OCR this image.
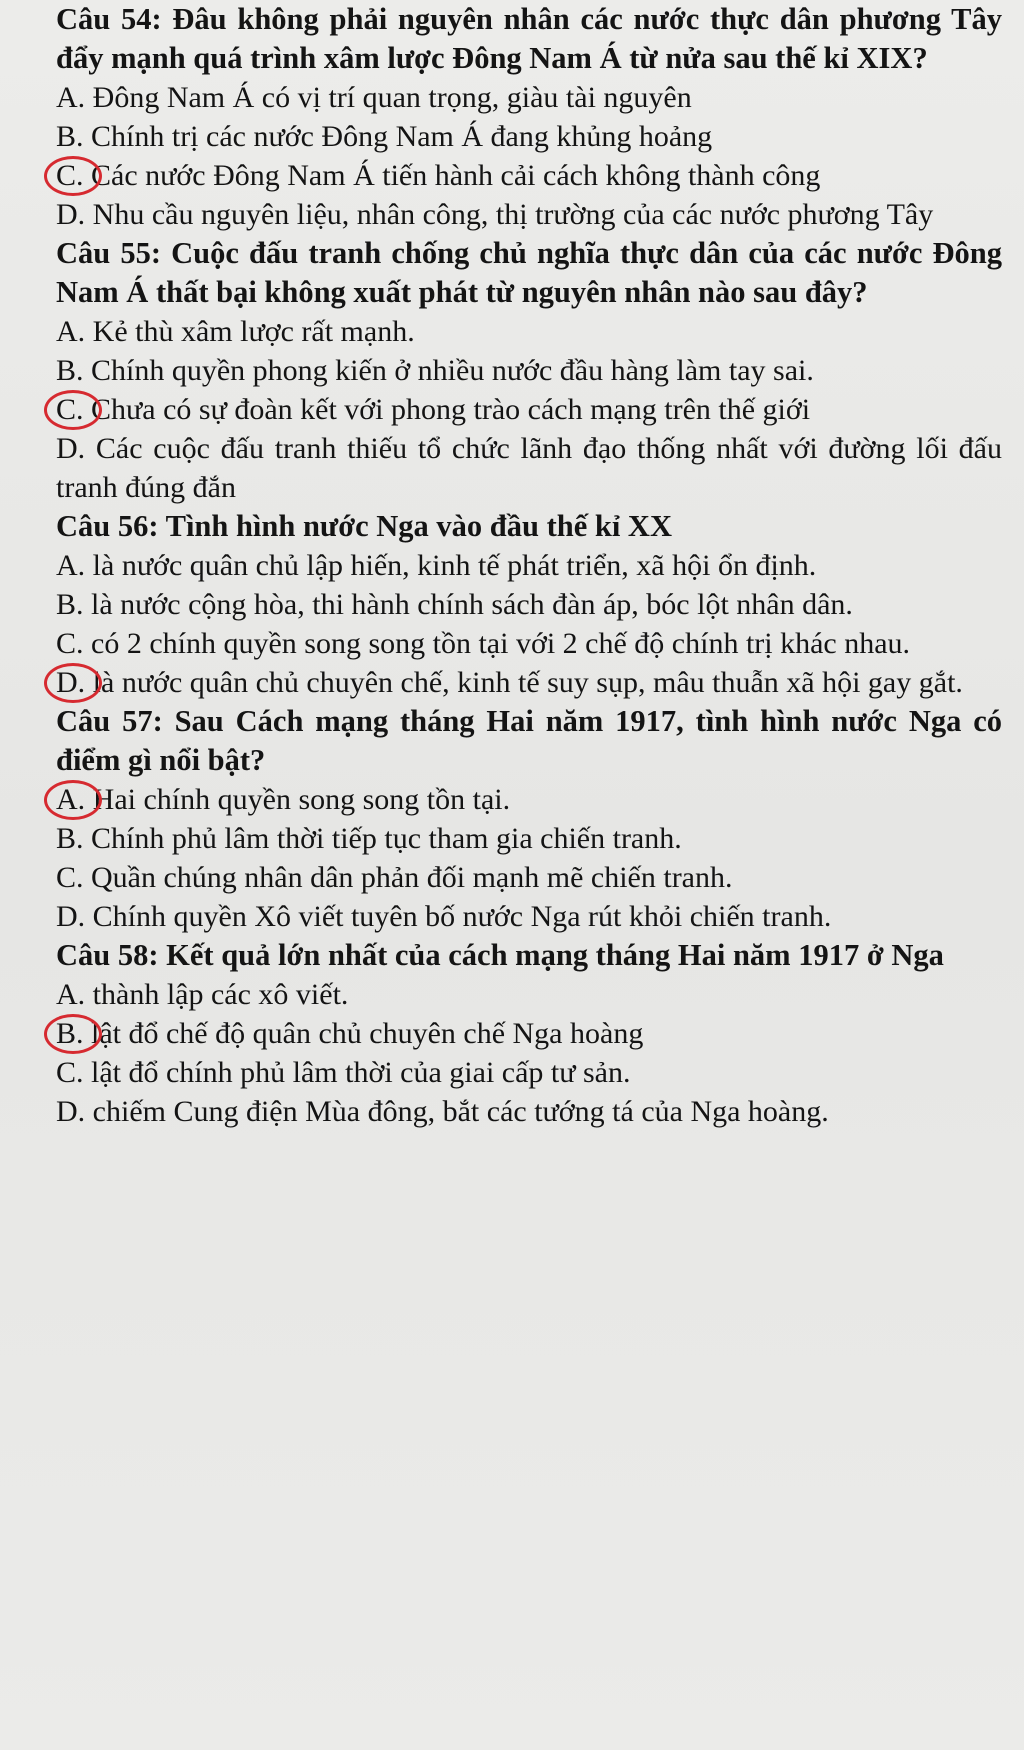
Câu 54: Đâu không phải nguyên nhân các nước thực dân phương Tây đẩy mạnh quá trình xâm lược Đông Nam Á từ nửa sau thế kỉ XIX?

A. Đông Nam Á có vị trí quan trọng, giàu tài nguyên

B. Chính trị các nước Đông Nam Á đang khủng hoảng

C. Các nước Đông Nam Á tiến hành cải cách không thành công

D. Nhu cầu nguyên liệu, nhân công, thị trường của các nước phương Tây

Câu 55: Cuộc đấu tranh chống chủ nghĩa thực dân của các nước Đông Nam Á thất bại không xuất phát từ nguyên nhân nào sau đây?

A. Kẻ thù xâm lược rất mạnh.

B. Chính quyền phong kiến ở nhiều nước đầu hàng làm tay sai.

C. Chưa có sự đoàn kết với phong trào cách mạng trên thế giới

D. Các cuộc đấu tranh thiếu tổ chức lãnh đạo thống nhất với đường lối đấu tranh đúng đắn

Câu 56: Tình hình nước Nga vào đầu thế kỉ XX

A. là nước quân chủ lập hiến, kinh tế phát triển, xã hội ổn định.

B. là nước cộng hòa, thi hành chính sách đàn áp, bóc lột nhân dân.

C. có 2 chính quyền song song tồn tại với 2 chế độ chính trị khác nhau.

D. là nước quân chủ chuyên chế, kinh tế suy sụp, mâu thuẫn xã hội gay gắt.

Câu 57: Sau Cách mạng tháng Hai năm 1917, tình hình nước Nga có điểm gì nổi bật?

A. Hai chính quyền song song tồn tại.

B. Chính phủ lâm thời tiếp tục tham gia chiến tranh.

C. Quần chúng nhân dân phản đối mạnh mẽ chiến tranh.

D. Chính quyền Xô viết tuyên bố nước Nga rút khỏi chiến tranh.

Câu 58: Kết quả lớn nhất của cách mạng tháng Hai năm 1917 ở Nga

A. thành lập các xô viết.

B. lật đổ chế độ quân chủ chuyên chế Nga hoàng

C. lật đổ chính phủ lâm thời của giai cấp tư sản.

D. chiếm Cung điện Mùa đông, bắt các tướng tá của Nga hoàng.
